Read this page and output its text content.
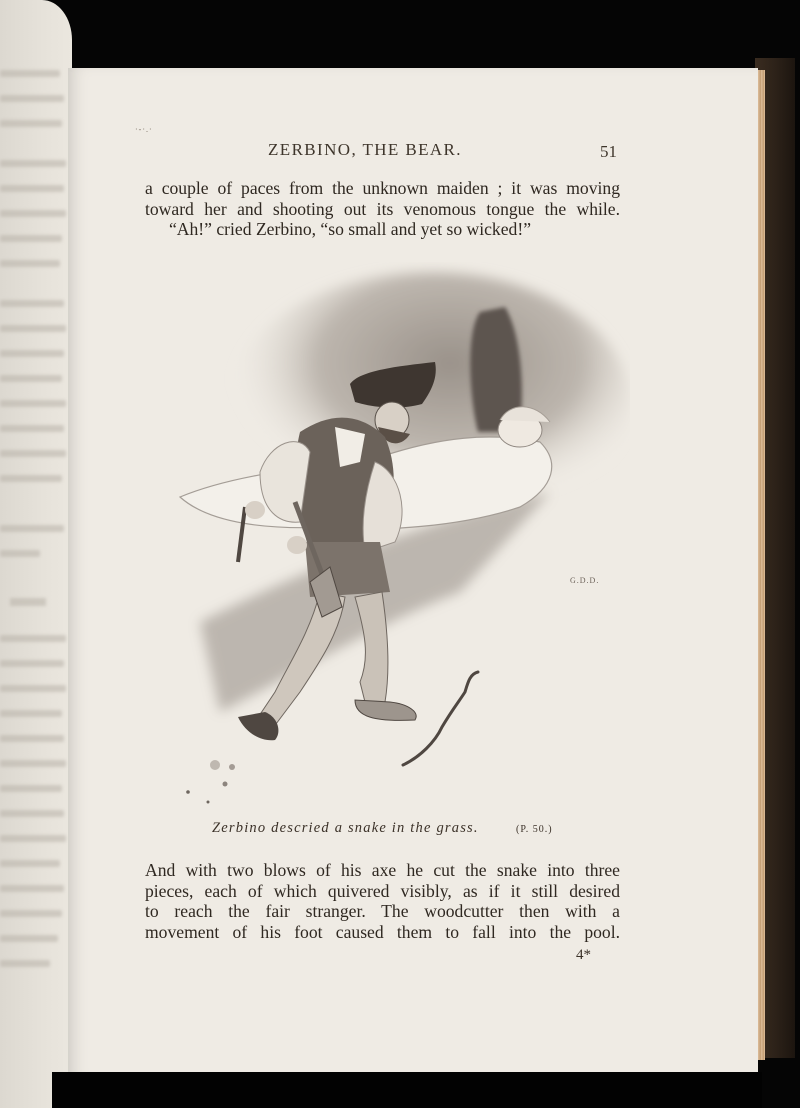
·-·.·
ZERBINO, THE BEAR.	51
a couple of paces from the unknown maiden ; it was moving
toward her and shooting out its venomous tongue the while.
“Ah!” cried Zerbino, “so small and yet so wicked!”
G.D.D.
Zerbino descried a snake in the grass.	(P. 50.)
And with two blows of his axe he cut the snake into three
pieces, each of which quivered visibly, as if it still desired
to reach the fair stranger. The woodcutter then with a
movement of his foot caused them to fall into the pool.
4*
